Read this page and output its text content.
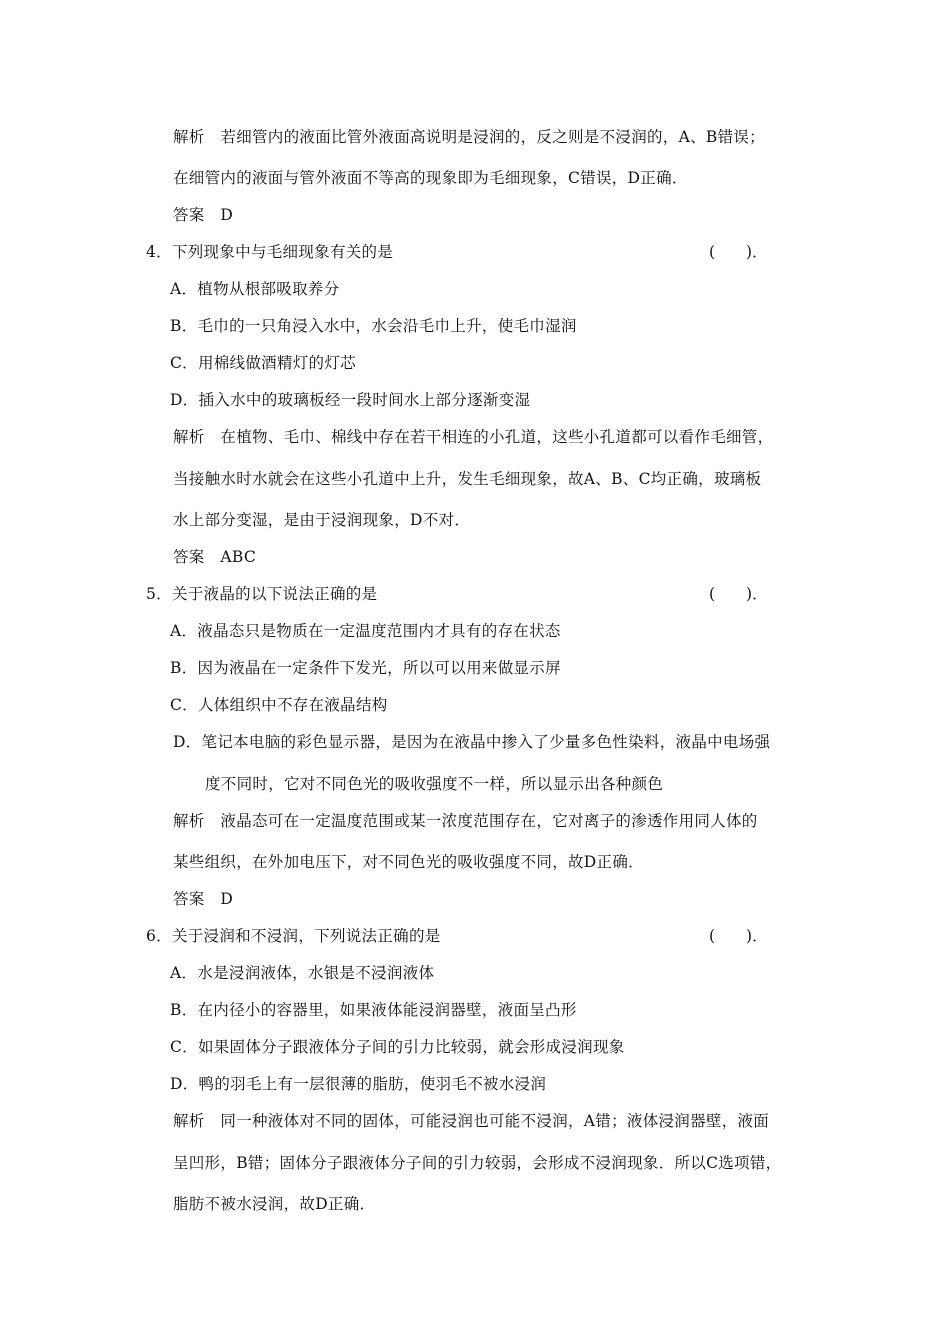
解析　若细管内的液面比管外液面高说明是浸润的，反之则是不浸润的，A、B错误；
在细管内的液面与管外液面不等高的现象即为毛细现象，C错误，D正确．
答案　D
4．下列现象中与毛细现象有关的是	(　　)．
A．植物从根部吸取养分
B．毛巾的一只角浸入水中，水会沿毛巾上升，使毛巾湿润
C．用棉线做酒精灯的灯芯
D．插入水中的玻璃板经一段时间水上部分逐渐变湿
解析　在植物、毛巾、棉线中存在若干相连的小孔道，这些小孔道都可以看作毛细管，
当接触水时水就会在这些小孔道中上升，发生毛细现象，故A、B、C均正确，玻璃板
水上部分变湿，是由于浸润现象，D不对．
答案　ABC
5．关于液晶的以下说法正确的是	(　　)．
A．液晶态只是物质在一定温度范围内才具有的存在状态
B．因为液晶在一定条件下发光，所以可以用来做显示屏
C．人体组织中不存在液晶结构
D．笔记本电脑的彩色显示器，是因为在液晶中掺入了少量多色性染料，液晶中电场强
度不同时，它对不同色光的吸收强度不一样，所以显示出各种颜色
解析　液晶态可在一定温度范围或某一浓度范围存在，它对离子的渗透作用同人体的
某些组织，在外加电压下，对不同色光的吸收强度不同，故D正确．
答案　D
6．关于浸润和不浸润，下列说法正确的是	(　　)．
A．水是浸润液体，水银是不浸润液体
B．在内径小的容器里，如果液体能浸润器壁，液面呈凸形
C．如果固体分子跟液体分子间的引力比较弱，就会形成浸润现象
D．鸭的羽毛上有一层很薄的脂肪，使羽毛不被水浸润
解析　同一种液体对不同的固体，可能浸润也可能不浸润，A错；液体浸润器壁，液面
呈凹形，B错；固体分子跟液体分子间的引力较弱，会形成不浸润现象．所以C选项错，
脂肪不被水浸润，故D正确．
